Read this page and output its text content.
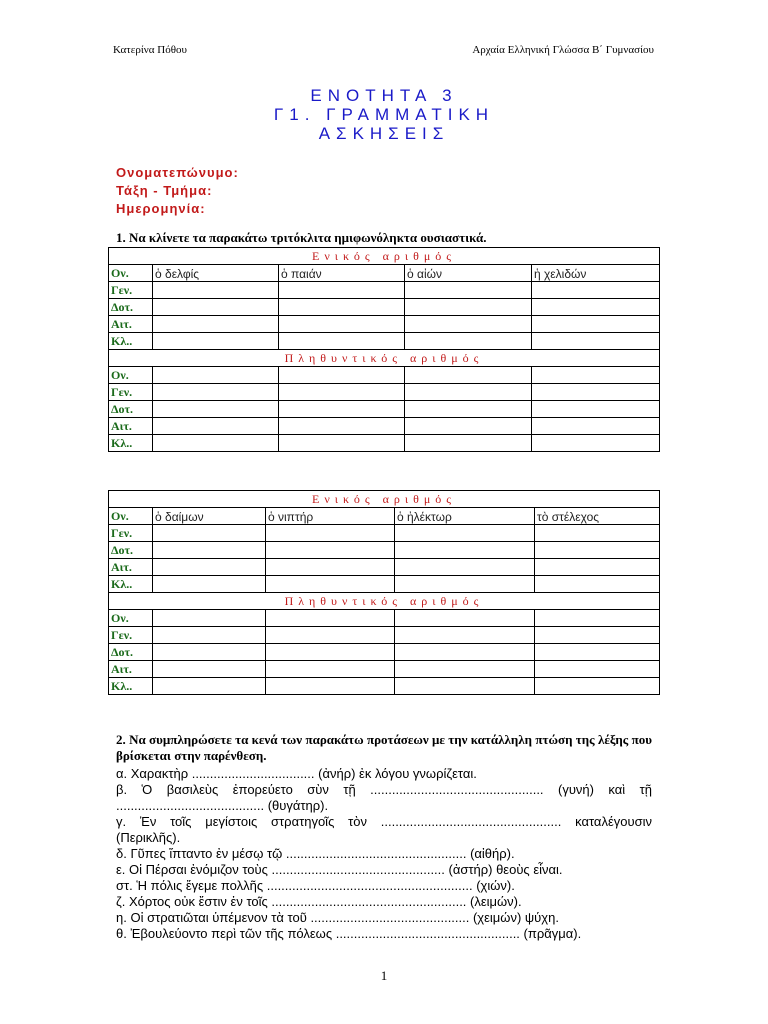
Κατερίνα Πόθου	Αρχαία Ελληνική Γλώσσα Β΄ Γυμνασίου
ΕΝΟΤΗΤΑ 3
Γ1. ΓΡΑΜΜΑΤΙΚΗ
ΑΣΚΗΣΕΙΣ
Ονοματεπώνυμο:
Τάξη - Τμήμα:
Ημερομηνία:
1. Να κλίνετε τα παρακάτω τριτόκλιτα ημιφωνόληκτα ουσιαστικά.
Ενικός αριθμός				
Ον.	ὁ δελφίς	ὁ παιάν	ὁ αἰών	ἡ χελιδών
Γεν.				
Δοτ.				
Αιτ.				
Κλ..				
Πληθυντικός αριθμός				
Ον.				
Γεν.				
Δοτ.				
Αιτ.				
Κλ..				
Ενικός αριθμός				
Ον.	ὁ δαίμων	ὁ νιπτήρ	ὁ ἠλέκτωρ	τὸ στέλεχος
Γεν.				
Δοτ.				
Αιτ.				
Κλ..				
Πληθυντικός αριθμός				
Ον.				
Γεν.				
Δοτ.				
Αιτ.				
Κλ..				
2. Να συμπληρώσετε τα κενά των παρακάτω προτάσεων με την κατάλληλη πτώση της λέξης που βρίσκεται στην παρένθεση.
α. Χαρακτὴρ .................................. (ἀνήρ) ἐκ λόγου γνωρίζεται.
β. Ὁ βασιλεὺς ἐπορεύετο σὺν τῇ ................................................ (γυνή) καὶ τῇ
......................................... (θυγάτηρ).
γ. Ἐν τοῖς μεγίστοις στρατηγοῖς τὸν .................................................. καταλέγουσιν
(Περικλῆς).
δ. Γῦπες ἵπταντο ἐν μέσῳ τῷ .................................................. (αἰθήρ).
ε. Οἱ Πέρσαι ἐνόμιζον τοὺς ................................................ (ἀστήρ) θεοὺς εἶναι.
στ. Ἡ πόλις ἔγεμε πολλῆς ......................................................... (χιών).
ζ. Χόρτος οὐκ ἔστιν ἐν τοῖς ...................................................... (λειμών).
η. Οἱ στρατιῶται ὑπέμενον τὰ τοῦ ............................................ (χειμών) ψύχη.
θ. Ἐβουλεύοντο περὶ τῶν τῆς πόλεως ................................................... (πρᾶγμα).
1
